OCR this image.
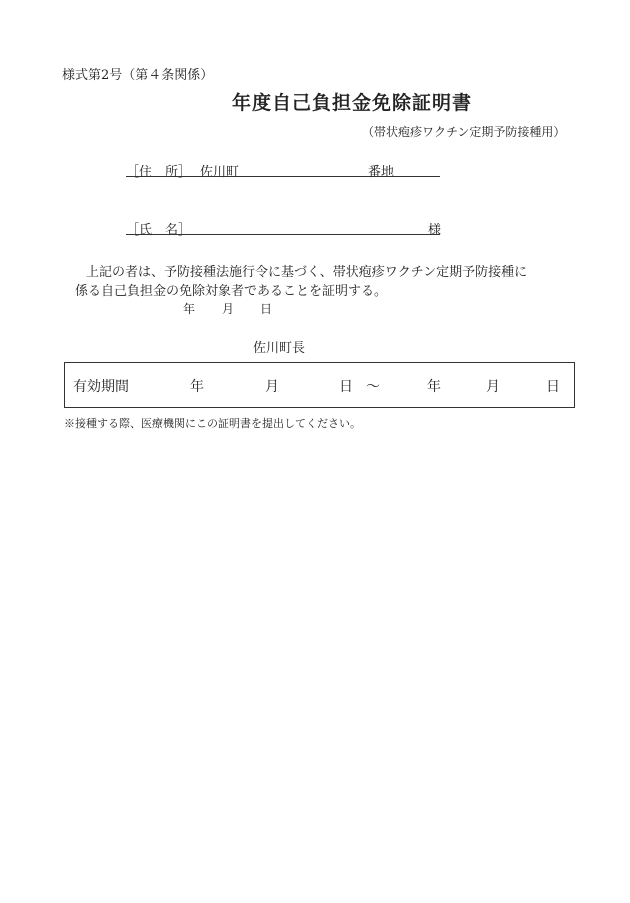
様式第2号（第４条関係）
年度自己負担金免除証明書
（帯状疱疹ワクチン定期予防接種用）
［住　所］ 佐川町	番地
［氏　名］	様
上記の者は、予防接種法施行令に基づく、帯状疱疹ワクチン定期予防接種に
係る自己負担金の免除対象者であることを証明する。
年 月 日
佐川町長
有効期間	年	月	日 〜	年	月	日
※接種する際、医療機関にこの証明書を提出してください。
